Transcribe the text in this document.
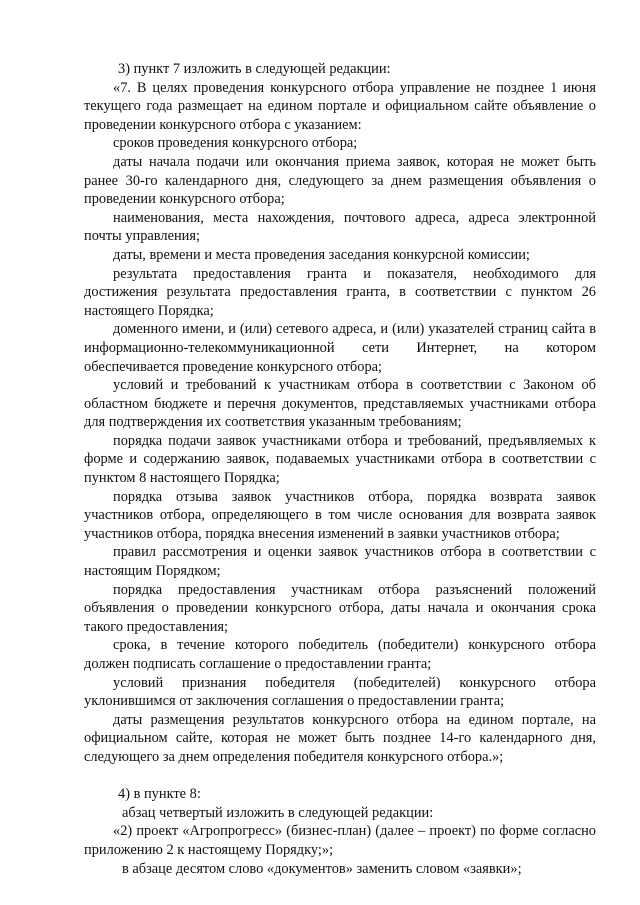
3) пункт 7 изложить в следующей редакции:

«7. В целях проведения конкурсного отбора управление не позднее 1 июня текущего года размещает на едином портале и официальном сайте объявление о проведении конкурсного отбора с указанием:

сроков проведения конкурсного отбора;

даты начала подачи или окончания приема заявок, которая не может быть ранее 30-го календарного дня, следующего за днем размещения объявления о проведении конкурсного отбора;

наименования, места нахождения, почтового адреса, адреса электронной почты управления;

даты, времени и места проведения заседания конкурсной комиссии;

результата предоставления гранта и показателя, необходимого для достижения результата предоставления гранта, в соответствии с пунктом 26 настоящего Порядка;

доменного имени, и (или) сетевого адреса, и (или) указателей страниц сайта в информационно-телекоммуникационной сети Интернет, на котором обеспечивается проведение конкурсного отбора;

условий и требований к участникам отбора в соответствии с Законом об областном бюджете и перечня документов, представляемых участниками отбора для подтверждения их соответствия указанным требованиям;

порядка подачи заявок участниками отбора и требований, предъявляемых к форме и содержанию заявок, подаваемых участниками отбора в соответствии с пунктом 8 настоящего Порядка;

порядка отзыва заявок участников отбора, порядка возврата заявок участников отбора, определяющего в том числе основания для возврата заявок участников отбора, порядка внесения изменений в заявки участников отбора;

правил рассмотрения и оценки заявок участников отбора в соответствии с настоящим Порядком;

порядка предоставления участникам отбора разъяснений положений объявления о проведении конкурсного отбора, даты начала и окончания срока такого предоставления;

срока, в течение которого победитель (победители) конкурсного отбора должен подписать соглашение о предоставлении гранта;

условий признания победителя (победителей) конкурсного отбора уклонившимся от заключения соглашения о предоставлении гранта;

даты размещения результатов конкурсного отбора на едином портале, на официальном сайте, которая не может быть позднее 14-го календарного дня, следующего за днем определения победителя конкурсного отбора.»;

4) в пункте 8:

абзац четвертый изложить в следующей редакции:

«2) проект «Агропрогресс» (бизнес-план) (далее – проект) по форме согласно приложению 2 к настоящему Порядку;»;

в абзаце десятом слово «документов» заменить словом «заявки»;
